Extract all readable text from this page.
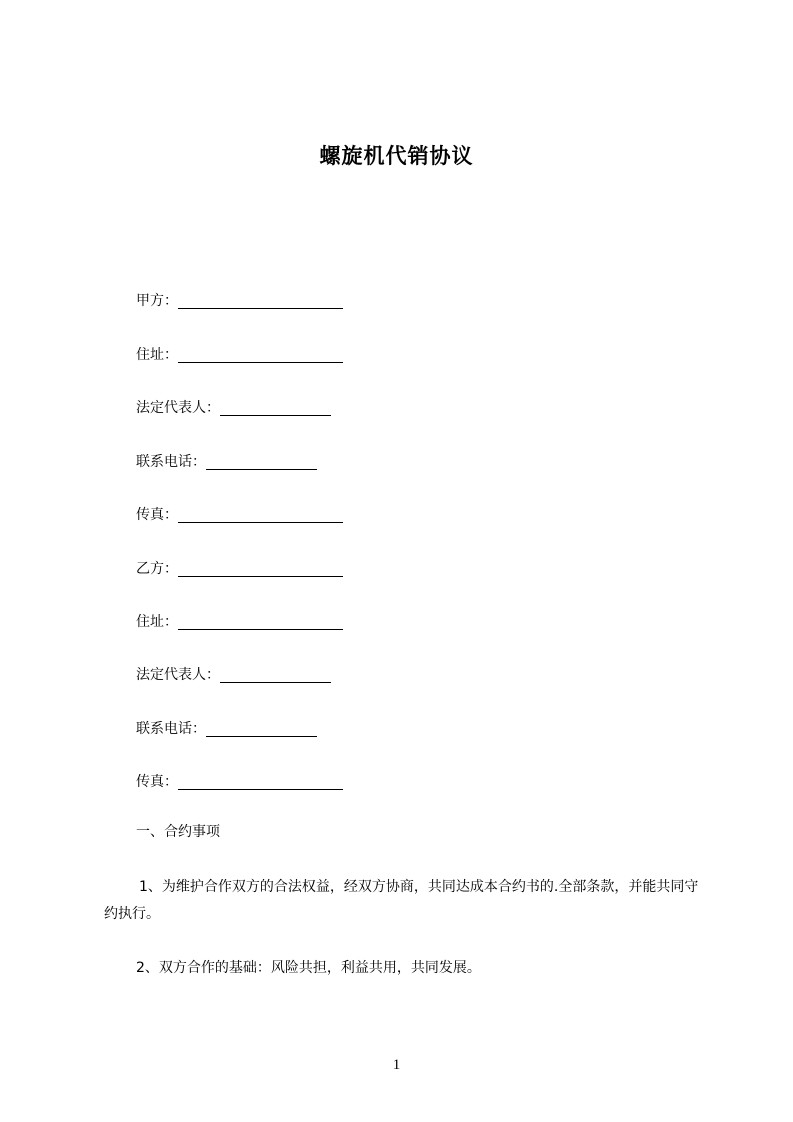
螺旋机代销协议
甲方：
住址：
法定代表人：
联系电话：
传真：
乙方：
住址：
法定代表人：
联系电话：
传真：
一、合约事项
1、为维护合作双方的合法权益，经双方协商，共同达成本合约书的.全部条款，并能共同守约执行。
2、双方合作的基础：风险共担，利益共用，共同发展。
1
